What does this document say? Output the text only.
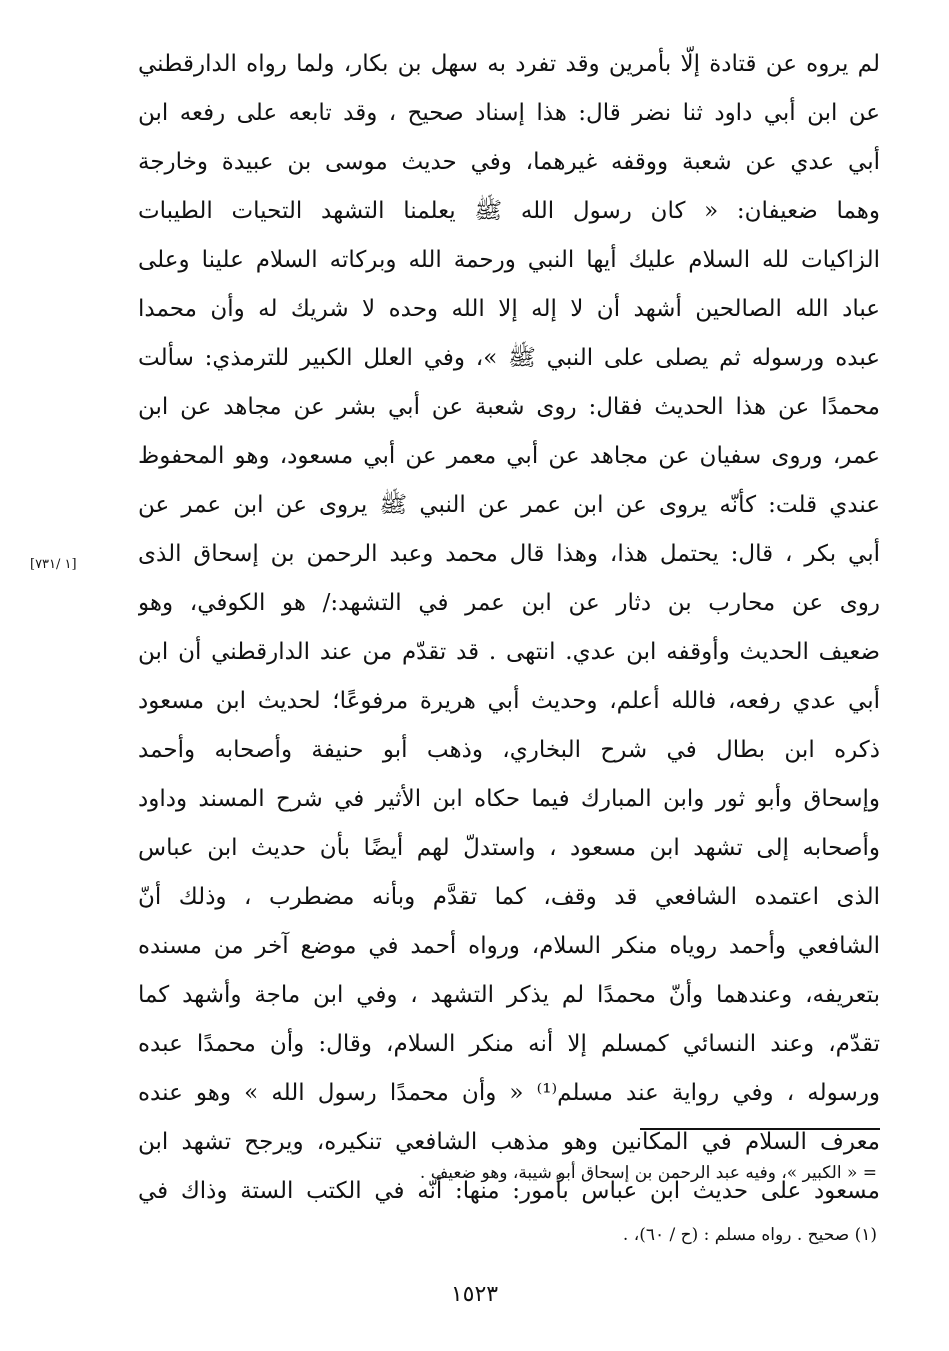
لم يروه عن قتادة إلّا بأمرين وقد تفرد به سهل بن بكار، ولما رواه الدارقطني
عن ابن أبي داود ثنا نضر قال: هذا إسناد صحيح ، وقد تابعه على رفعه ابن
أبي عدي عن شعبة ووقفه غيرهما، وفي حديث موسى بن عبيدة وخارجة
وهما ضعيفان: « كان رسول الله ﷺ يعلمنا التشهد التحيات الطيبات
الزاكيات لله السلام عليك أيها النبي ورحمة الله وبركاته السلام علينا وعلى
عباد الله الصالحين أشهد أن لا إله إلا الله وحده لا شريك له وأن محمدا
عبده ورسوله ثم يصلى على النبي ﷺ »، وفي العلل الكبير للترمذي: سألت
محمدًا عن هذا الحديث فقال: روى شعبة عن أبي بشر عن مجاهد عن ابن
عمر، وروى سفيان عن مجاهد عن أبي معمر عن أبي مسعود، وهو المحفوظ
عندي قلت: كأنّه يروى عن ابن عمر عن النبي ﷺ يروى عن ابن عمر عن
أبي بكر ، قال: يحتمل هذا، وهذا قال محمد وعبد الرحمن بن إسحاق الذى
روى عن محارب بن دثار عن ابن عمر في التشهد:/ هو الكوفي، وهو
ضعيف الحديث وأوقفه ابن عدي. انتهى . قد تقدّم من عند الدارقطني أن ابن
أبي عدي رفعه، فالله أعلم، وحديث أبي هريرة مرفوعًا؛ لحديث ابن مسعود
ذكره ابن بطال في شرح البخاري، وذهب أبو حنيفة وأصحابه وأحمد
وإسحاق وأبو ثور وابن المبارك فيما حكاه ابن الأثير في شرح المسند وداود
وأصحابه إلى تشهد ابن مسعود ، واستدلّ لهم أيضًا بأن حديث ابن عباس
الذى اعتمده الشافعي قد وقف، كما تقدَّم وبأنه مضطرب ، وذلك أنّ
الشافعي وأحمد روياه منكر السلام، ورواه أحمد في موضع آخر من مسنده
بتعريفه، وعندهما وأنّ محمدًا لم يذكر التشهد ، وفي ابن ماجة وأشهد كما
تقدّم، وعند النسائي كمسلم إلا أنه منكر السلام، وقال: وأن محمدًا عبده
ورسوله ، وفي رواية عند مسلم⁽¹⁾ « وأن محمدًا رسول الله » وهو عنده
معرف السلام في المكانين وهو مذهب الشافعي تنكيره، ويرجح تشهد ابن
مسعود على حديث ابن عباس بأمور: منها: أنّه في الكتب الستة وذاك في
[١ /٧٣١]
= « الكبير »، وفيه عبد الرحمن بن إسحاق أبو شيبة، وهو ضعيف .
(١) صحيح . رواه مسلم : (ح / ٦٠)، .
١٥٢٣
